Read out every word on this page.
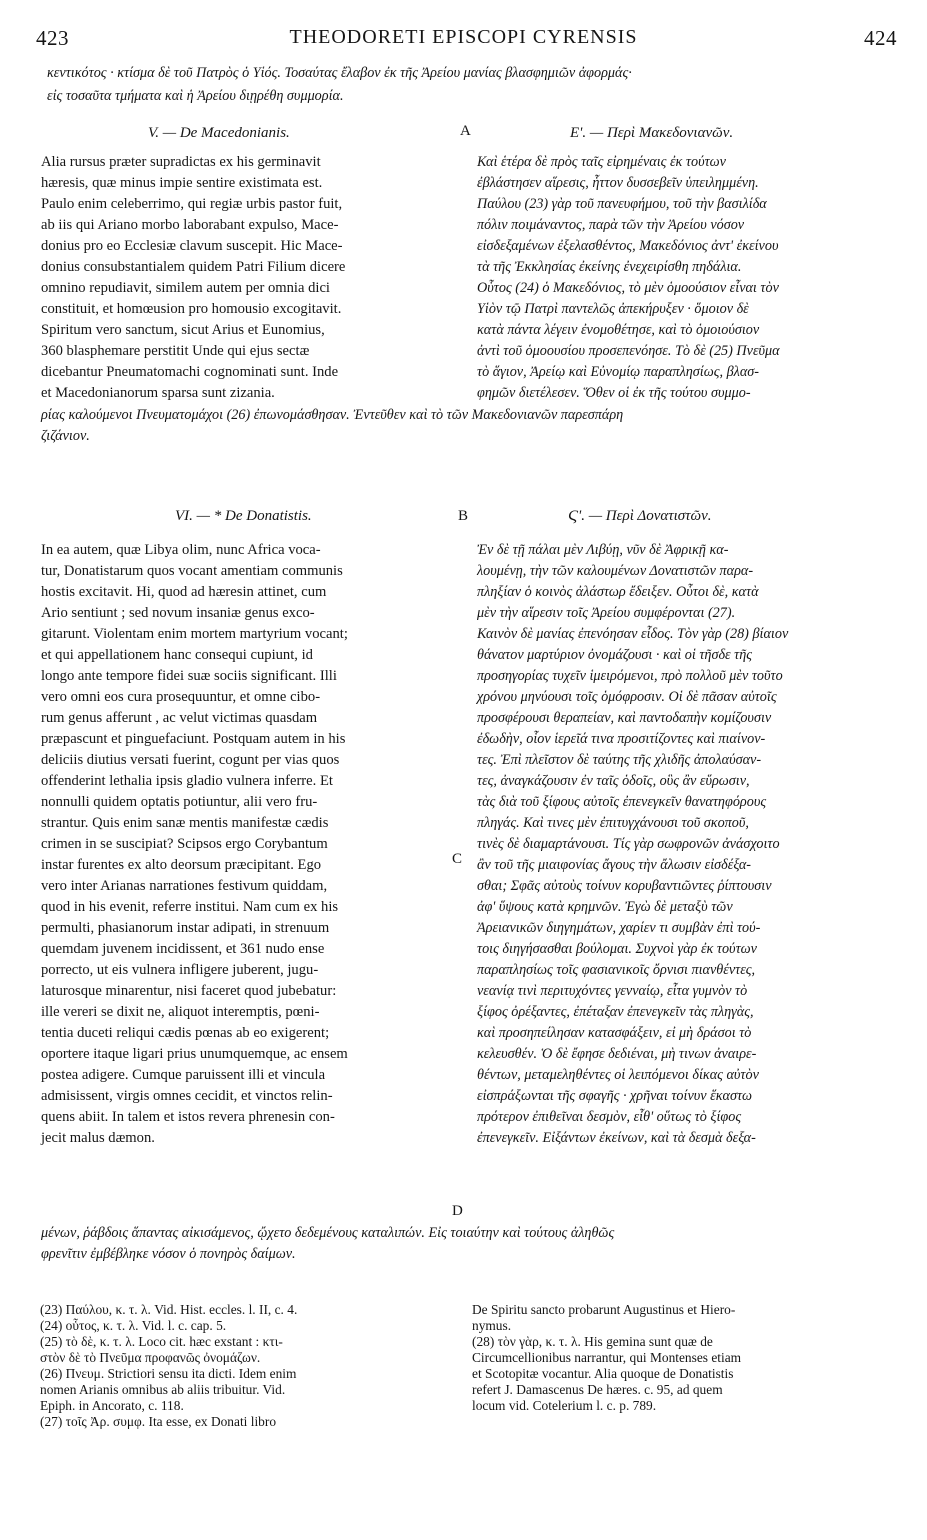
423	THEODORETI EPISCOPI CYRENSIS	424
κεντικότος · κτίσμα δὲ τοῦ Πατρὸς ὁ Υἱός. Τοσαύτας ἔλαβον ἐκ τῆς Ἀρείου μανίας βλασφημιῶν ἀφορμάς·
εἰς τοσαῦτα τμήματα καὶ ἡ Ἀρείου διῃρέθη συμμορία.
V. — De Macedonianis.	A	Ε'. — Περὶ Μακεδονιανῶν.
Alia rursus præter supradictas ex his germinavit
hæresis, quæ minus impie sentire existimata est.
Paulo enim celeberrimo, qui regiæ urbis pastor fuit,
ab iis qui Ariano morbo laborabant expulso, Mace-
donius pro eo Ecclesiæ clavum suscepit. Hic Mace-
donius consubstantialem quidem Patri Filium dicere
omnino repudiavit, similem autem per omnia dici
constituit, et homœusion pro homousio excogitavit.
Spiritum vero sanctum, sicut Arius et Eunomius,
360 blasphemare perstitit Unde qui ejus sectæ
dicebantur Pneumatomachi cognominati sunt. Inde
et Macedonianorum sparsa sunt zizania.
Καὶ ἑτέρα δὲ πρὸς ταῖς εἰρημέναις ἐκ τούτων
ἐβλάστησεν αἵρεσις, ἧττον δυσσεβεῖν ὑπειλημμένη.
Παύλου (23) γὰρ τοῦ πανευφήμου, τοῦ τὴν βασιλίδα
πόλιν ποιμάναντος, παρὰ τῶν τὴν Ἀρείου νόσον
εἰσδεξαμένων ἐξελασθέντος, Μακεδόνιος ἀντ' ἐκείνου
τὰ τῆς Ἐκκλησίας ἐκείνης ἐνεχειρίσθη πηδάλια.
Οὗτος (24) ὁ Μακεδόνιος, τὸ μὲν ὁμοούσιον εἶναι τὸν
Υἱὸν τῷ Πατρὶ παντελῶς ἀπεκήρυξεν · ὅμοιον δὲ
κατὰ πάντα λέγειν ἐνομοθέτησε, καὶ τὸ ὁμοιούσιον
ἀντὶ τοῦ ὁμοουσίου προσεπενόησε. Τὸ δὲ (25) Πνεῦμα
τὸ ἅγιον, Ἀρείῳ καὶ Εὐνομίῳ παραπλησίως, βλασ-
φημῶν διετέλεσεν. Ὅθεν οἱ ἐκ τῆς τούτου συμμο-
ρίας καλούμενοι Πνευματομάχοι (26) ἐπωνομάσθησαν. Ἐντεῦθεν καὶ τὸ τῶν Μακεδονιανῶν παρεσπάρη
ζιζάνιον.
VI. — * De Donatistis.	B	Ϛ'. — Περὶ Δονατιστῶν.
In ea autem, quæ Libya olim, nunc Africa voca-
tur, Donatistarum quos vocant amentiam communis
hostis excitavit. Hi, quod ad hæresin attinet, cum
Ario sentiunt ; sed novum insaniæ genus exco-
gitarunt. Violentam enim mortem martyrium vocant;
et qui appellationem hanc consequi cupiunt, id
longo ante tempore fidei suæ sociis significant. Illi
vero omni eos cura prosequuntur, et omne cibo-
rum genus afferunt , ac velut victimas quasdam
præpascunt et pinguefaciunt. Postquam autem in his
deliciis diutius versati fuerint, cogunt per vias quos
offenderint lethalia ipsis gladio vulnera inferre. Et
nonnulli quidem optatis potiuntur, alii vero fru-
strantur. Quis enim sanæ mentis manifestæ cædis
crimen in se suscipiat? Scipsos ergo Corybantum
instar furentes ex alto deorsum præcipitant. Ego
vero inter Arianas narrationes festivum quiddam,
quod in his evenit, referre institui. Nam cum ex his
permulti, phasianorum instar adipati, in strenuum
quemdam juvenem incidissent, et 361 nudo ense
porrecto, ut eis vulnera infligere juberent, jugu-
laturosque minarentur, nisi faceret quod jubebatur:
ille vereri se dixit ne, aliquot interemptis, pœni-
tentia duceti reliqui cædis pœnas ab eo exigerent;
oportere itaque ligari prius unumquemque, ac ensem
postea adigere. Cumque paruissent illi et vincula
admisissent, virgis omnes cecidit, et vinctos relin-
quens abiit. In talem et istos revera phrenesin con-
jecit malus dæmon.
C
D
Ἐν δὲ τῇ πάλαι μὲν Λιβύῃ, νῦν δὲ Ἀφρικῇ κα-
λουμένῃ, τὴν τῶν καλουμένων Δονατιστῶν παρα-
πληξίαν ὁ κοινὸς ἀλάστωρ ἔδειξεν. Οὗτοι δὲ, κατὰ
μὲν τὴν αἵρεσιν τοῖς Ἀρείου συμφέρονται (27).
Καινὸν δὲ μανίας ἐπενόησαν εἶδος. Τὸν γὰρ (28) βίαιον
θάνατον μαρτύριον ὀνομάζουσι · καὶ οἱ τῆσδε τῆς
προσηγορίας τυχεῖν ἱμειρόμενοι, πρὸ πολλοῦ μὲν τοῦτο
χρόνου μηνύουσι τοῖς ὁμόφροσιν. Οἱ δὲ πᾶσαν αὐτοῖς
προσφέρουσι θεραπείαν, καὶ παντοδαπὴν κομίζουσιν
ἐδωδὴν, οἷον ἱερεῖά τινα προσιτίζοντες καὶ πιαίνον-
τες. Ἐπὶ πλεῖστον δὲ ταύτης τῆς χλιδῆς ἀπολαύσαν-
τες, ἀναγκάζουσιν ἐν ταῖς ὁδοῖς, οὓς ἂν εὕρωσιν,
τὰς διὰ τοῦ ξίφους αὐτοῖς ἐπενεγκεῖν θανατηφόρους
πληγάς. Καὶ τινες μὲν ἐπιτυγχάνουσι τοῦ σκοποῦ,
τινὲς δὲ διαμαρτάνουσι. Τίς γὰρ σωφρονῶν ἀνάσχοιτο
ἂν τοῦ τῆς μιαιφονίας ἄγους τὴν ἄλωσιν εἰσδέξα-
σθαι; Σφᾶς αὐτοὺς τοίνυν κορυβαντιῶντες ῥίπτουσιν
ἀφ' ὕψους κατὰ κρημνῶν. Ἐγὼ δὲ μεταξὺ τῶν
Ἀρειανικῶν διηγημάτων, χαρίεν τι συμβὰν ἐπὶ τού-
τοις διηγήσασθαι βούλομαι. Συχνοὶ γὰρ ἐκ τούτων
παραπλησίως τοῖς φασιανικοῖς ὄρνισι πιανθέντες,
νεανίᾳ τινὶ περιτυχόντες γενναίῳ, εἶτα γυμνὸν τὸ
ξίφος ὀρέξαντες, ἐπέταξαν ἐπενεγκεῖν τὰς πληγὰς,
καὶ προσηπείλησαν κατασφάξειν, εἰ μὴ δράσοι τὸ
κελευσθέν. Ὁ δὲ ἔφησε δεδιέναι, μὴ τινων ἀναιρε-
θέντων, μεταμεληθέντες οἱ λειπόμενοι δίκας αὐτὸν
εἰσπράξωνται τῆς σφαγῆς · χρῆναι τοίνυν ἕκαστω
πρότερον ἐπιθεῖναι δεσμὸν, εἶθ' οὕτως τὸ ξίφος
ἐπενεγκεῖν. Εἰξάντων ἐκείνων, καὶ τὰ δεσμὰ δεξα-
μένων, ῥάβδοις ἅπαντας αἰκισάμενος, ᾤχετο δεδεμένους καταλιπών. Εἰς τοιαύτην καὶ τούτους ἀληθῶς
φρενῖτιν ἐμβέβληκε νόσον ὁ πονηρὸς δαίμων.
(23) Παύλου, κ. τ. λ. Vid. Hist. eccles. l. II, c. 4.
(24) οὗτος, κ. τ. λ. Vid. l. c. cap. 5.
(25) τὸ δὲ, κ. τ. λ. Loco cit. hæc exstant : κτι-
στὸν δὲ τὸ Πνεῦμα προφανῶς ὀνομάζων.
(26) Πνευμ. Strictiori sensu ita dicti. Idem enim
nomen Arianis omnibus ab aliis tribuitur. Vid.
Epiph. in Ancorato, c. 118.
(27) τοῖς Ἀρ. συμφ. Ita esse, ex Donati libro
De Spiritu sancto probarunt Augustinus et Hiero-
nymus.
(28) τὸν γὰρ, κ. τ. λ. His gemina sunt quæ de
Circumcellionibus narrantur, qui Montenses etiam
et Scotopitæ vocantur. Alia quoque de Donatistis
refert J. Damascenus De hæres. c. 95, ad quem
locum vid. Cotelerium l. c. p. 789.
